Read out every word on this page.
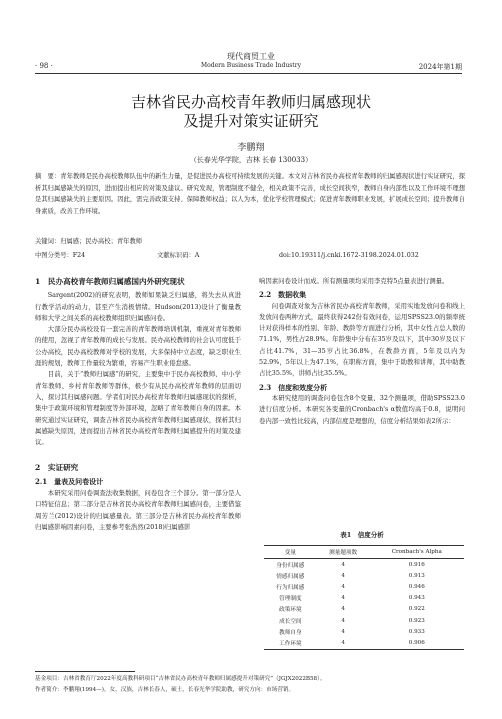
现代商贸工业
· 98 ·	Modern Business Trade Industry	2024年第1期
吉林省民办高校青年教师归属感现状
及提升对策实证研究
李鹏翔
（长春光华学院，吉林 长春 130033）
摘　要：青年教师是民办高校教师队伍中的新生力量，是促进民办高校可持续发展的关键。本文对吉林省民办高校青年教师的归属感现状进行实证研究，探析其归属感缺失的原因，进而提出相应的对策及建议。研究发现，管理制度不健全，相关政策不完善，成长空间狭窄，教师自身内部性以及工作环境不理想是其归属感缺失的主要原因。因此，需完善政策支持、保障教师权益；以人为本，优化学校管理模式；促进青年教师职业发展，扩展成长空间；提升教师自身素质，改善工作环境。
关键词：归属感；民办高校；青年教师
中图分类号：F24	文献标识码：A	doi:10.19311/j.cnki.1672-3198.2024.01.032
1　民办高校青年教师归属感国内外研究现状

Sargent(2002)的研究表明，教师如果缺乏归属感，将失去从真进行教学活动的动力，甚至产生消极情绪。Hudson(2013)设计了衡量教师和大学之间关系的高校教师组织归属感问卷。

大部分民办高校设有一套完善的青年教师培训机制，重视对青年教师的使用，忽视了青年教师的成长与发展。民办高校教师的社会认可度低于公办高校，民办高校教师对学校的发展，大多保持中立态度，缺乏职业生涯的规划，教师工作量较为繁重，容易产生职业倦怠感。

目前，关于“教师归属感”的研究，主要集中于民办高校教师、中小学青年教师、乡村青年教师等群体，极少有从民办高校青年教师的层面切入，探讨其归属感问题。学者们对民办高校青年教师归属感现状的探析，集中于政策环境和管理制度等外部环境，忽略了青年教师自身的因素。本研究通过实证研究，调查吉林省民办高校青年教师归属感现状，探析其归属感缺失原因，进而提出吉林省民办高校青年教师归属感提升的对策及建议。

2　实证研究
2.1　量表及问卷设计

本研究采用问卷调查法收集数据，问卷包含三个部分。第一部分是人口特征信息；第二部分是吉林省民办高校青年教师归属感问卷，主要借鉴周芳兰(2012)设计的归属感量表。第三部分是吉林省民办高校青年教师归属感影响因素问卷，主要参考张浩然(2018)归属感影

响因素问卷设计而成。所有测量项均采用李克特5点量表进行测量。

2.2　数据收集

问卷调查对象为吉林省民办高校青年教师，采用实地发放问卷和线上发放问卷两种方式，最终获得242份有效问卷，运用SPSS23.0的频率统计对获得样本的性别、年龄、教龄等方面进行分析，其中女性占总人数的71.1%，男性占28.9%。年龄集中分布在35岁及以下，其中30岁及以下占比41.7%，31—35岁占比36.8%，在教龄方面，5年及以内为52.9%，5年以上为47.1%，在职称方面，集中于助教和讲师，其中助教占比35.5%，讲师占比35.5%。

2.3　信度和效度分析

本研究使用的调查问卷包含8个变量、32个测量项，借助SPSS23.0进行信度分析。本研究各变量的Cronbach's α数值均高于0.8，说明问卷内部一致性比较高，内部信度是理想的，信度分析结果如表2所示：

表1　信度分析
变量	测量题项数	Cronbach's Alpha
身份归属感	4	0.916
情感归属感	4	0.913
行为归属感	4	0.946
管理制度	4	0.943
政策环境	4	0.922
成长空间	4	0.923
教师自身	4	0.933
工作环境	4	0.906
基金项目：吉林省教育厅2022年度高教科研项目“吉林省民办高校青年教师归属感提升对策研究”（JGJX2022B58）。
作者简介：李鹏翔(1994—)，女，汉族，吉林长春人，硕士，长春光华学院助教，研究方向：市场营销。
